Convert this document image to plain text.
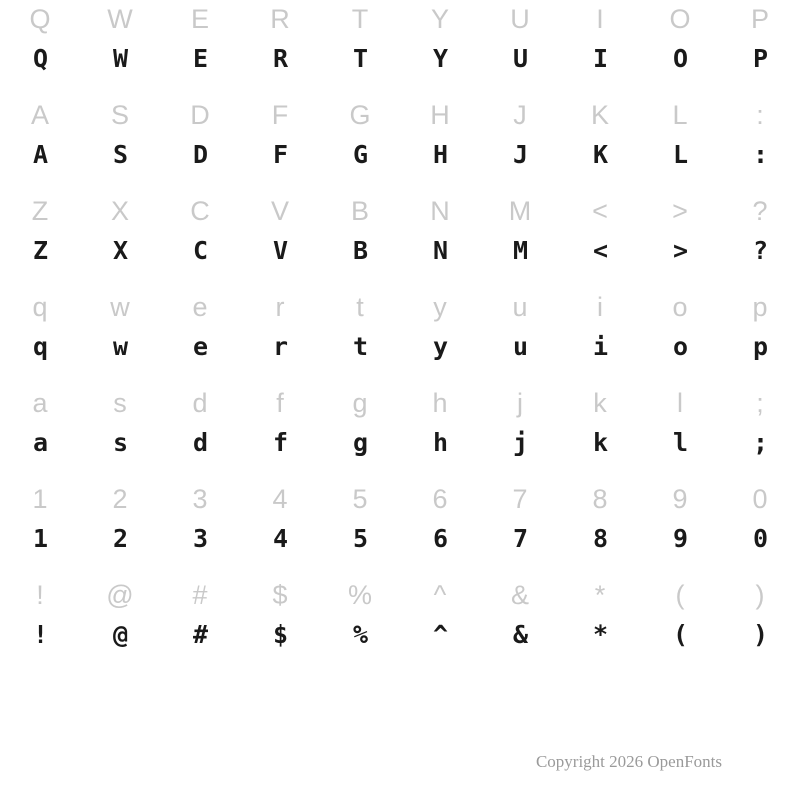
Q
Q
W
W
E
E
R
R
T
T
Y
Y
U
U
I
I
O
O
P
P
A
A
S
S
D
D
F
F
G
G
H
H
J
J
K
K
L
L
:
:
Z
Z
X
X
C
C
V
V
B
B
N
N
M
M
<
<
>
>
?
?
q
q
w
w
e
e
r
r
t
t
y
y
u
u
i
i
o
o
p
p
a
a
s
s
d
d
f
f
g
g
h
h
j
j
k
k
l
l
;
;
1
1
2
2
3
3
4
4
5
5
6
6
7
7
8
8
9
9
0
0
!
!
@
@
#
#
$
$
%
%
^
^
&
&
*
*
(
(
)
)
Copyright 2026 OpenFonts
